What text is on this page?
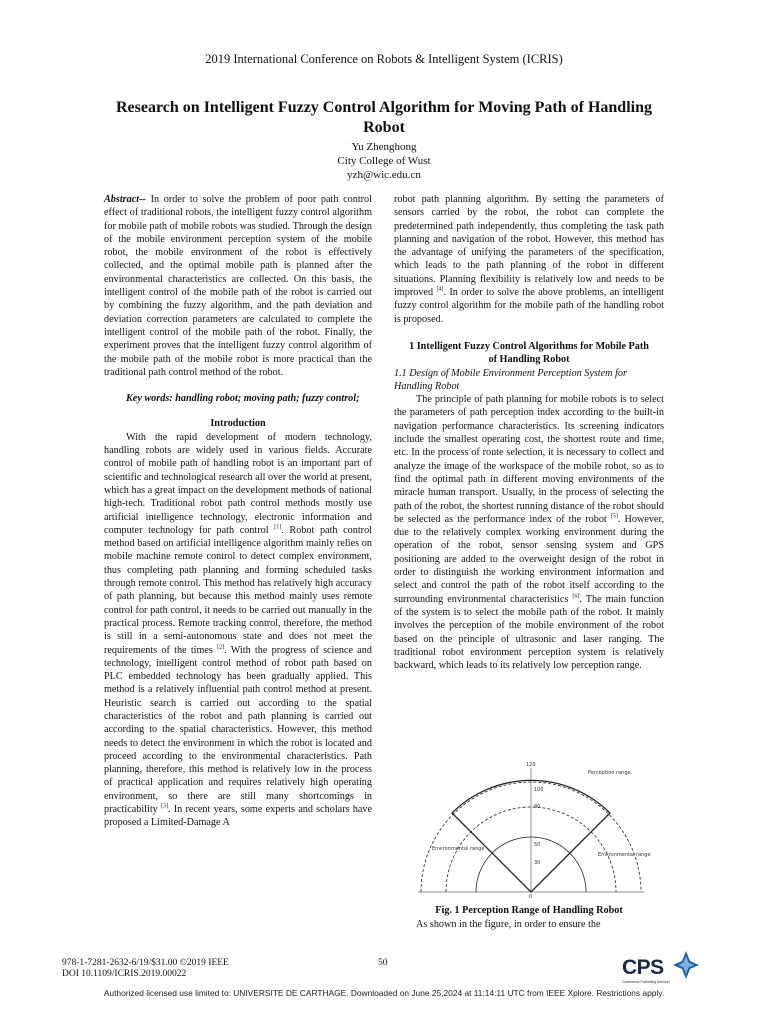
2019 International Conference on Robots & Intelligent System (ICRIS)
Research on Intelligent Fuzzy Control Algorithm for Moving Path of Handling Robot
Yu Zhenghong
City College of Wust
yzh@wic.edu.cn

Abstract-- In order to solve the problem of poor path control effect of traditional robots, the intelligent fuzzy control algorithm for mobile path of mobile robots was studied. Through the design of the mobile environment perception system of the mobile robot, the mobile environment of the robot is effectively collected, and the optimal mobile path is planned after the environmental characteristics are collected. On this basis, the intelligent control of the mobile path of the robot is carried out by combining the fuzzy algorithm, and the path deviation and deviation correction parameters are calculated to complete the intelligent control of the mobile path of the robot. Finally, the experiment proves that the intelligent fuzzy control algorithm of the mobile path of the mobile robot is more practical than the traditional path control method of the robot.

Key words: handling robot; moving path; fuzzy control;

Introduction

With the rapid development of modern technology, handling robots are widely used in various fields. Accurate control of mobile path of handling robot is an important part of scientific and technological research all over the world at present, which has a great impact on the development methods of national high-tech. Traditional robot path control methods mostly use artificial intelligence technology, electronic information and computer technology for path control [1]. Robot path control method based on artificial intelligence algorithm mainly relies on mobile machine remote control to detect complex environment, thus completing path planning and forming scheduled tasks through remote control. This method has relatively high accuracy of path planning, but because this method mainly uses remote control for path control, it needs to be carried out manually in the practical process. Remote tracking control, therefore, the method is still in a semi-autonomous state and does not meet the requirements of the times [2]. With the progress of science and technology, intelligent control method of robot path based on PLC embedded technology has been gradually applied. This method is a relatively influential path control method at present. Heuristic search is carried out according to the spatial characteristics of the robot and path planning is carried out according to the spatial characteristics. However, this method needs to detect the environment in which the robot is located and proceed according to the environmental characteristics. Path planning, therefore, this method is relatively low in the process of practical application and requires relatively high operating environment, so there are still many shortcomings in practicability [3]. In recent years, some experts and scholars have proposed a Limited-Damage A

robot path planning algorithm. By setting the parameters of sensors carried by the robot, the robot can complete the predetermined path independently, thus completing the task path planning and navigation of the robot. However, this method has the advantage of unifying the parameters of the specification, which leads to the path planning of the robot in different situations. Planning flexibility is relatively low and needs to be improved [4]. In order to solve the above problems, an intelligent fuzzy control algorithm for the mobile path of the handling robot is proposed.

1 Intelligent Fuzzy Control Algorithms for Mobile Path of Handling Robot

1.1 Design of Mobile Environment Perception System for Handling Robot

The principle of path planning for mobile robots is to select the parameters of path perception index according to the built-in navigation performance characteristics. Its screening indicators include the smallest operating cost, the shortest route and time, etc. In the process of route selection, it is necessary to collect and analyze the image of the workspace of the mobile robot, so as to find the optimal path in different moving environments of the miracle human transport. Usually, in the process of selecting the path of the robot, the shortest running distance of the robot should be selected as the performance index of the robot [5]. However, due to the relatively complex working environment during the operation of the robot, sensor sensing system and GPS positioning are added to the overweight design of the robot in order to distinguish the working environment information and select and control the path of the robot itself according to the surrounding environmental characteristics [6]. The main function of the system is to select the mobile path of the robot. It mainly involves the perception of the mobile environment of the robot based on the principle of ultrasonic and laser ranging. The traditional robot environment perception system is relatively backward, which leads to its relatively low perception range.

120
100
80
50
30
0
Perception range
Environmental range
Environmental range
Fig. 1 Perception Range of Handling Robot
As shown in the figure, in order to ensure the
978-1-7281-2632-6/19/$31.00 ©2019 IEEE
DOI 10.1109/ICRIS.2019.00022
50	CPS
Conference Publishing Services
Authorized licensed use limited to: UNIVERSITE DE CARTHAGE. Downloaded on June 25,2024 at 11:14:11 UTC from IEEE Xplore. Restrictions apply.
